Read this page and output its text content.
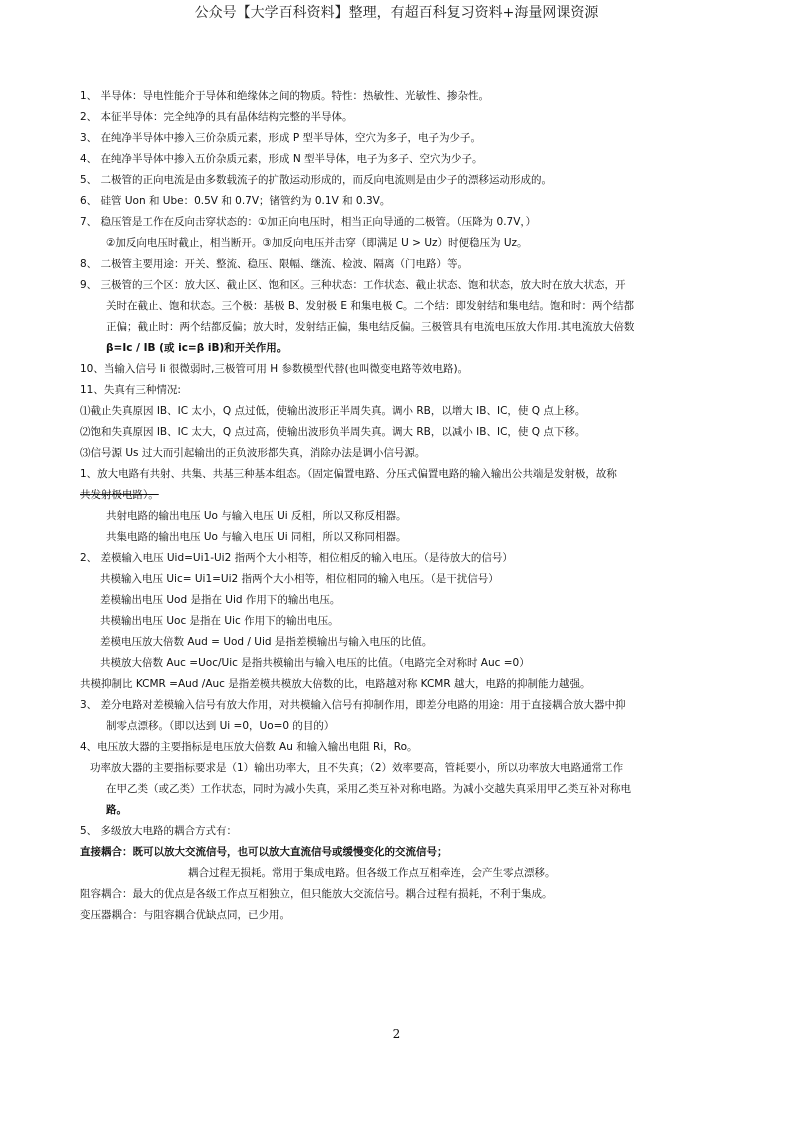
公众号【大学百科资料】整理，有超百科复习资料+海量网课资源
1、 半导体：导电性能介于导体和绝缘体之间的物质。特性：热敏性、光敏性、掺杂性。
2、 本征半导体：完全纯净的具有晶体结构完整的半导体。
3、 在纯净半导体中掺入三价杂质元素，形成 P 型半导体，空穴为多子，电子为少子。
4、 在纯净半导体中掺入五价杂质元素，形成 N 型半导体，电子为多子、空穴为少子。
5、 二极管的正向电流是由多数载流子的扩散运动形成的，而反向电流则是由少子的漂移运动形成的。
6、 硅管 Uon 和 Ube：0.5V 和 0.7V；锗管约为 0.1V 和 0.3V。
7、 稳压管是工作在反向击穿状态的：①加正向电压时，相当正向导通的二极管。（压降为 0.7V，）
②加反向电压时截止，相当断开。③加反向电压并击穿（即满足 U > Uz）时便稳压为 Uz。
8、 二极管主要用途：开关、整流、稳压、限幅、继流、检波、隔离（门电路）等。
9、 三极管的三个区：放大区、截止区、饱和区。三种状态：工作状态、截止状态、饱和状态，放大时在放大状态，开
关时在截止、饱和状态。三个极：基极 B、发射极 E 和集电极 C。二个结：即发射结和集电结。饱和时：两个结都
正偏；截止时：两个结都反偏；放大时，发射结正偏，集电结反偏。三极管具有电流电压放大作用.其电流放大倍数
β=Ic / IB (或 ic=β iB)和开关作用。
10、当输入信号 Ii 很微弱时,三极管可用 H 参数模型代替(也叫微变电路等效电路)。
11、失真有三种情况:
⑴截止失真原因 IB、IC 太小，Q 点过低，使输出波形正半周失真。调小 RB，以增大 IB、IC，使 Q 点上移。
⑵饱和失真原因 IB、IC 太大，Q 点过高，使输出波形负半周失真。调大 RB，以减小 IB、IC，使 Q 点下移。
⑶信号源 Us 过大而引起输出的正负波形都失真，消除办法是调小信号源。
1、放大电路有共射、共集、共基三种基本组态。（固定偏置电路、分压式偏置电路的输入输出公共端是发射极，故称
共发射极电路）。
共射电路的输出电压 Uo 与输入电压 Ui 反相，所以又称反相器。
共集电路的输出电压 Uo 与输入电压 Ui 同相，所以又称同相器。
2、 差模输入电压 Uid=Ui1-Ui2 指两个大小相等，相位相反的输入电压。（是待放大的信号）
共模输入电压 Uic= Ui1=Ui2 指两个大小相等，相位相同的输入电压。（是干扰信号）
差模输出电压 Uod 是指在 Uid 作用下的输出电压。
共模输出电压 Uoc 是指在 Uic 作用下的输出电压。
差模电压放大倍数 Aud = Uod / Uid 是指差模输出与输入电压的比值。
共模放大倍数 Auc =Uoc/Uic 是指共模输出与输入电压的比值。（电路完全对称时 Auc =0）
共模抑制比 KCMR =Aud /Auc 是指差模共模放大倍数的比，电路越对称 KCMR 越大，电路的抑制能力越强。
3、 差分电路对差模输入信号有放大作用，对共模输入信号有抑制作用，即差分电路的用途：用于直接耦合放大器中抑
制零点漂移。（即以达到 Ui =0，Uo=0 的目的）
4、电压放大器的主要指标是电压放大倍数 Au 和输入输出电阻 Ri，Ro。
功率放大器的主要指标要求是（1）输出功率大，且不失真；（2）效率要高，管耗要小，所以功率放大电路通常工作
在甲乙类（或乙类）工作状态，同时为减小失真，采用乙类互补对称电路。为减小交越失真采用甲乙类互补对称电
路。
5、 多级放大电路的耦合方式有：
直接耦合：既可以放大交流信号，也可以放大直流信号或缓慢变化的交流信号；
耦合过程无损耗。常用于集成电路。但各级工作点互相牵连，会产生零点漂移。
阻容耦合：最大的优点是各级工作点互相独立，但只能放大交流信号。耦合过程有损耗，不利于集成。
变压器耦合：与阻容耦合优缺点同，已少用。
2
